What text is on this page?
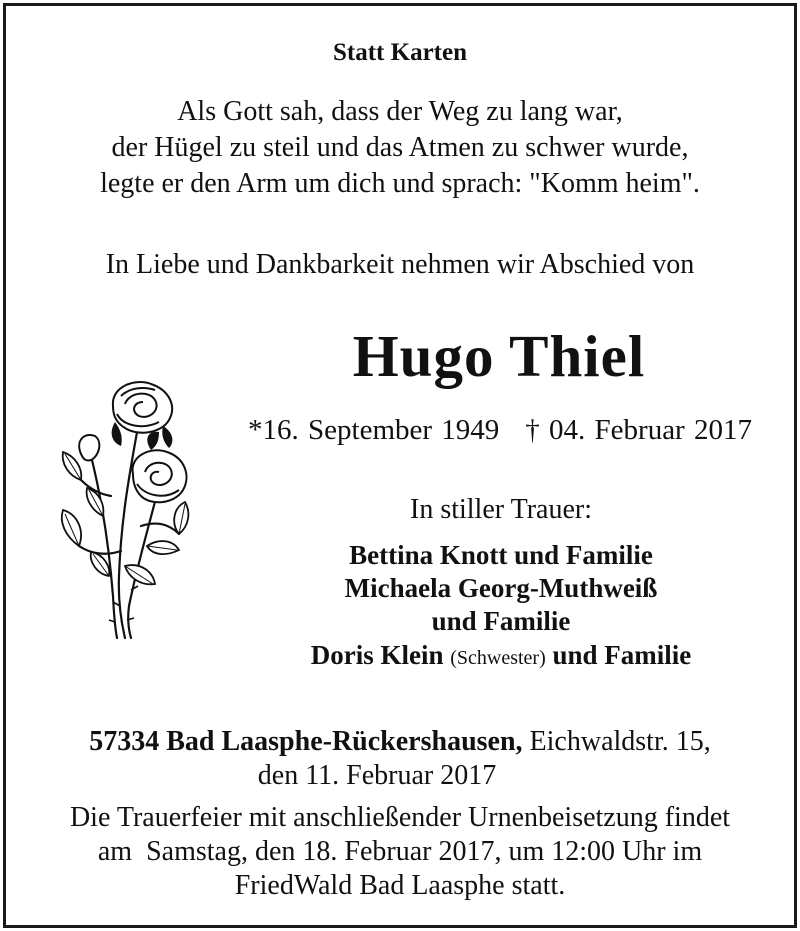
Statt Karten
Als Gott sah, dass der Weg zu lang war,
der Hügel zu steil und das Atmen zu schwer wurde,
legte er den Arm um dich und sprach: "Komm heim".
In Liebe und Dankbarkeit nehmen wir Abschied von
Hugo Thiel
*16. September 1949 † 04. Februar 2017
In stiller Trauer:
Bettina Knott und Familie
Michaela Georg-Muthweiß
und Familie
Doris Klein (Schwester) und Familie
57334 Bad Laasphe-Rückershausen, Eichwaldstr. 15,
den 11. Februar 2017
Die Trauerfeier mit anschließender Urnenbeisetzung findet
am  Samstag, den 18. Februar 2017, um 12:00 Uhr im
FriedWald Bad Laasphe statt.
